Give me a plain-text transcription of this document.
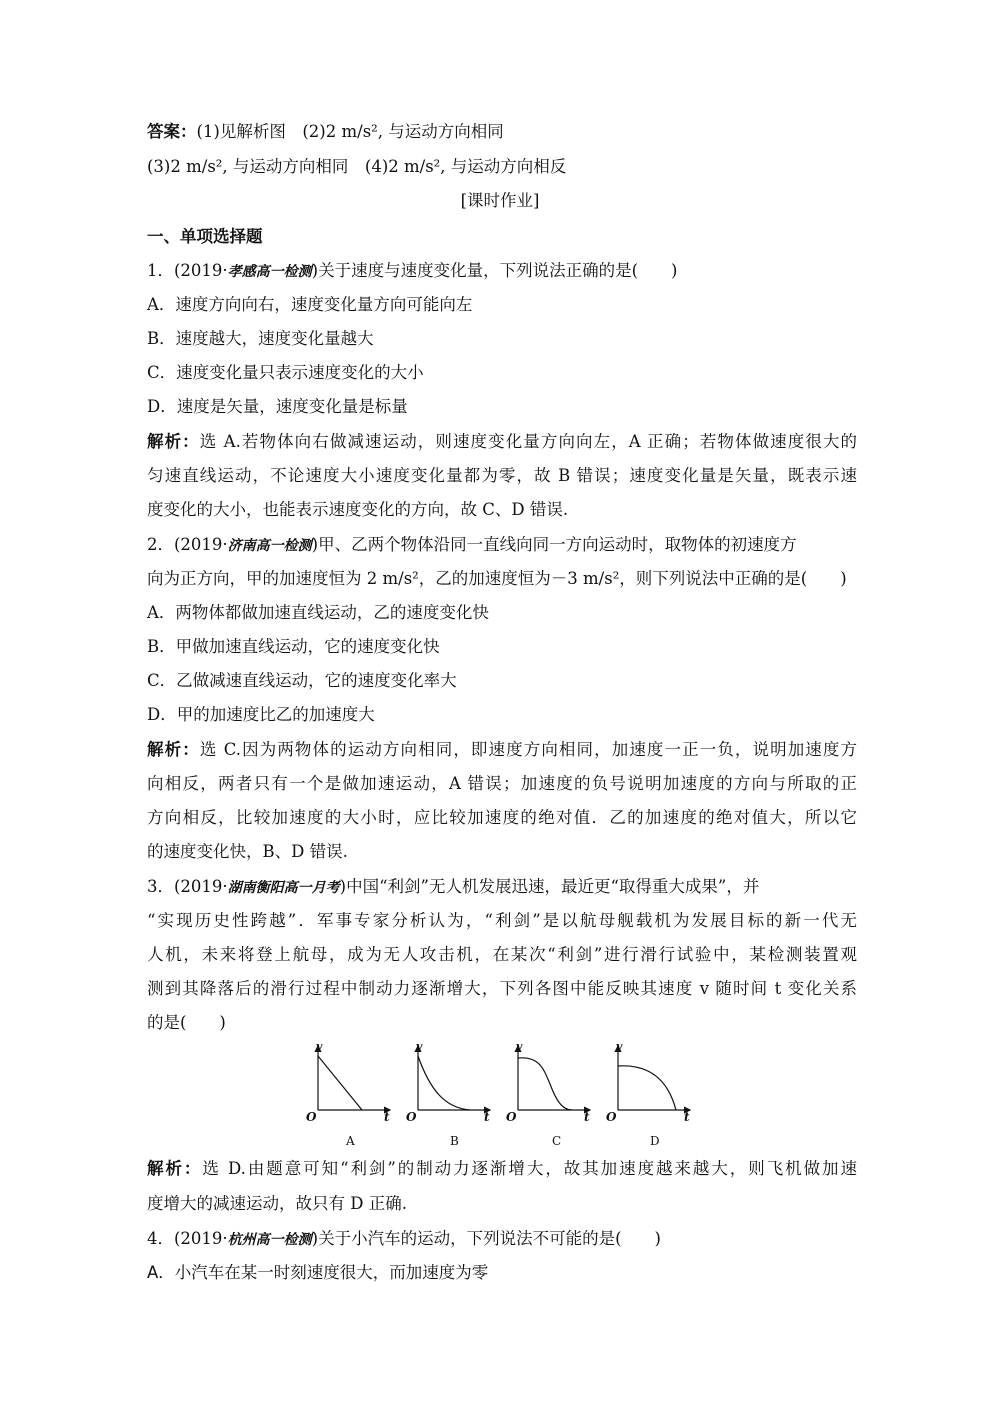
答案：(1)见解析图　(2)2 m/s², 与运动方向相同
(3)2 m/s², 与运动方向相同　(4)2 m/s², 与运动方向相反
[课时作业]
一、单项选择题
1．(2019·孝感高一检测)关于速度与速度变化量，下列说法正确的是(　　)
A．速度方向向右，速度变化量方向可能向左
B．速度越大，速度变化量越大
C．速度变化量只表示速度变化的大小
D．速度是矢量，速度变化量是标量
解析：选 A.若物体向右做减速运动，则速度变化量方向向左，A 正确；若物体做速度很大的
匀速直线运动，不论速度大小速度变化量都为零，故 B 错误；速度变化量是矢量，既表示速
度变化的大小，也能表示速度变化的方向，故 C、D 错误.
2．(2019·济南高一检测)甲、乙两个物体沿同一直线向同一方向运动时，取物体的初速度方
向为正方向，甲的加速度恒为 2 m/s²，乙的加速度恒为－3 m/s²，则下列说法中正确的是(　　)
A．两物体都做加速直线运动，乙的速度变化快
B．甲做加速直线运动，它的速度变化快
C．乙做减速直线运动，它的速度变化率大
D．甲的加速度比乙的加速度大
解析：选 C.因为两物体的运动方向相同，即速度方向相同，加速度一正一负，说明加速度方
向相反，两者只有一个是做加速运动，A 错误；加速度的负号说明加速度的方向与所取的正
方向相反，比较加速度的大小时，应比较加速度的绝对值．乙的加速度的绝对值大，所以它
的速度变化快，B、D 错误.
3．(2019·湖南衡阳高一月考)中国“利剑”无人机发展迅速，最近更“取得重大成果”，并
“实现历史性跨越”．军事专家分析认为，“利剑”是以航母舰载机为发展目标的新一代无
人机，未来将登上航母，成为无人攻击机，在某次“利剑”进行滑行试验中，某检测装置观
测到其降落后的滑行过程中制动力逐渐增大，下列各图中能反映其速度 v 随时间 t 变化关系
的是(　　)
v	v	v	v
O	O	O	O
t	t	t	t
A	B	C	D
解析：选 D.由题意可知“利剑”的制动力逐渐增大，故其加速度越来越大，则飞机做加速
度增大的减速运动，故只有 D 正确.
4．(2019·杭州高一检测)关于小汽车的运动，下列说法不可能的是(　　)
A．小汽车在某一时刻速度很大，而加速度为零
